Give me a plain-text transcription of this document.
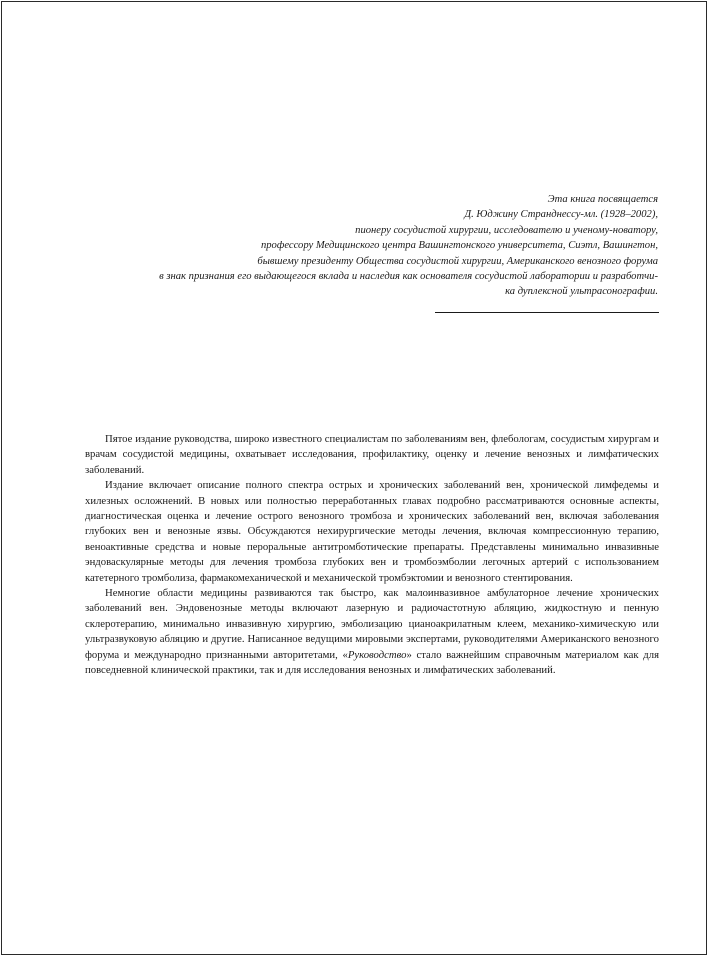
Эта книга посвящается
Д. Юджину Странднессу-мл. (1928–2002),
пионеру сосудистой хирургии, исследователю и ученому-новатору,
профессору Медицинского центра Вашингтонского университета, Сиэтл, Вашингтон,
бывшему президенту Общества сосудистой хирургии, Американского венозного форума
в знак признания его выдающегося вклада и наследия как основателя сосудистой лаборатории и разработчи-
ка дуплексной ультрасонографии.

Пятое издание руководства, широко известного специалистам по заболеваниям вен, флебологам, сосудистым хирургам и врачам сосудистой медицины, охватывает исследования, профилактику, оценку и лечение венозных и лимфатических заболеваний.

Издание включает описание полного спектра острых и хронических заболеваний вен, хронической лимфедемы и хилезных осложнений. В новых или полностью переработанных главах подробно рассматриваются основные аспекты, диагностическая оценка и лечение острого венозного тромбоза и хронических заболеваний вен, включая заболевания глубоких вен и венозные язвы. Обсуждаются нехирургические методы лечения, включая компрессионную терапию, веноактивные средства и новые пероральные антитромботические препараты. Представлены минимально инвазивные эндоваскулярные методы для лечения тромбоза глубоких вен и тромбоэмболии легочных артерий с использованием катетерного тромболиза, фармакомеханической и механической тромбэктомии и венозного стентирования.

Немногие области медицины развиваются так быстро, как малоинвазивное амбулаторное лечение хронических заболеваний вен. Эндовенозные методы включают лазерную и радиочастотную абляцию, жидкостную и пенную склеротерапию, минимально инвазивную хирургию, эмболизацию цианоакрилатным клеем, механико-химическую или ультразвуковую абляцию и другие. Написанное ведущими мировыми экспертами, руководителями Американского венозного форума и международно признанными авторитетами, «Руководство» стало важнейшим справочным материалом как для повседневной клинической практики, так и для исследования венозных и лимфатических заболеваний.
